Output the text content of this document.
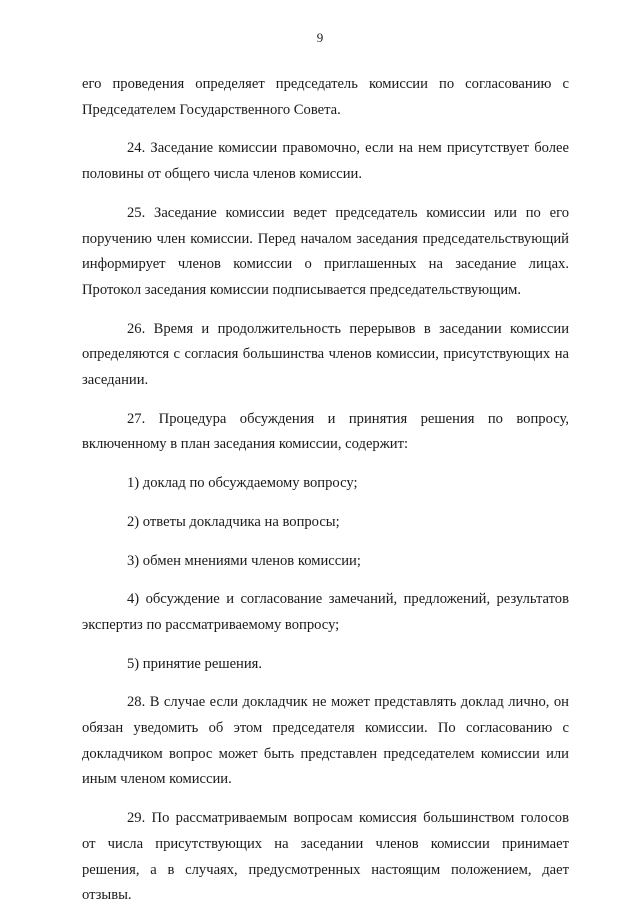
9

его проведения определяет председатель комиссии по согласованию с Председателем Государственного Совета.

24. Заседание комиссии правомочно, если на нем присутствует более половины от общего числа членов комиссии.

25. Заседание комиссии ведет председатель комиссии или по его поручению член комиссии. Перед началом заседания председательствующий информирует членов комиссии о приглашенных на заседание лицах. Протокол заседания комиссии подписывается председательствующим.

26. Время и продолжительность перерывов в заседании комиссии определяются с согласия большинства членов комиссии, присутствующих на заседании.

27. Процедура обсуждения и принятия решения по вопросу, включенному в план заседания комиссии, содержит:

1) доклад по обсуждаемому вопросу;

2) ответы докладчика на вопросы;

3) обмен мнениями членов комиссии;

4) обсуждение и согласование замечаний, предложений, результатов экспертиз по рассматриваемому вопросу;

5) принятие решения.

28. В случае если докладчик не может представлять доклад лично, он обязан уведомить об этом председателя комиссии. По согласованию с докладчиком вопрос может быть представлен председателем комиссии или иным членом комиссии.

29. По рассматриваемым вопросам комиссия большинством голосов от числа присутствующих на заседании членов комиссии принимает решения, а в случаях, предусмотренных настоящим положением, дает отзывы.
